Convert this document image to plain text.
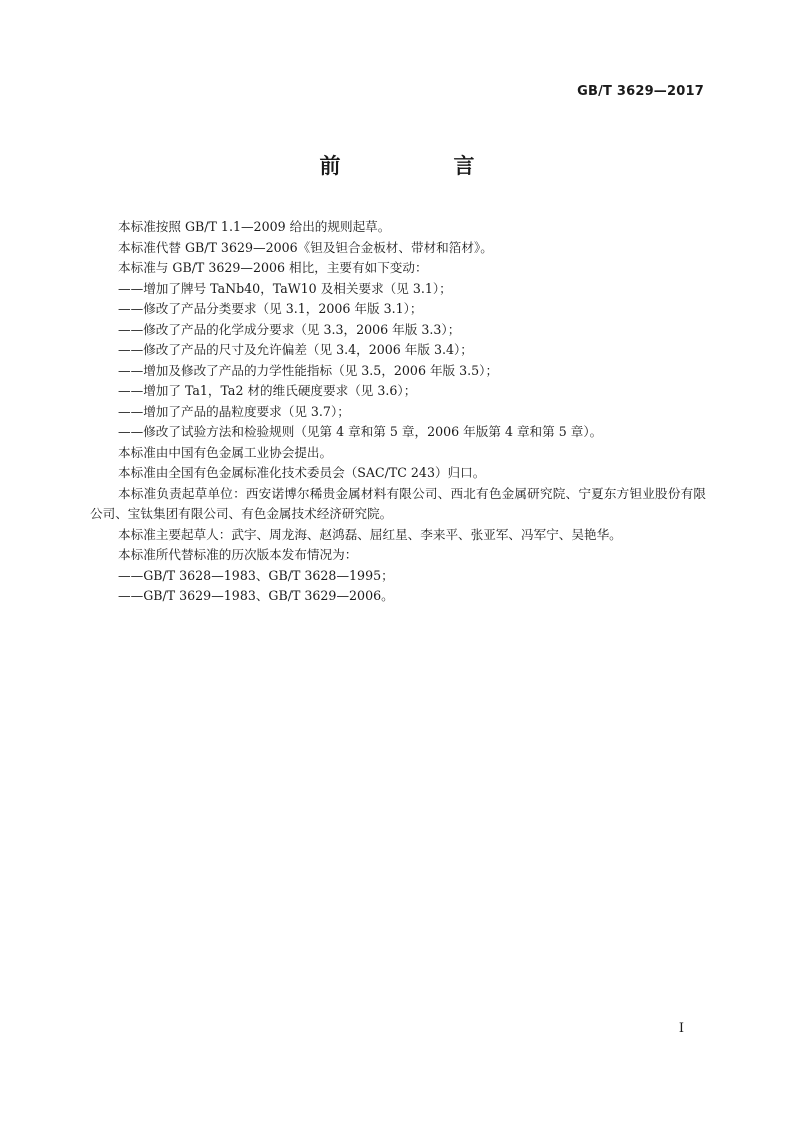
GB/T 3629—2017
前　言

本标准按照 GB/T 1.1—2009 给出的规则起草。

本标准代替 GB/T 3629—2006《钽及钽合金板材、带材和箔材》。

本标准与 GB/T 3629—2006 相比，主要有如下变动：

——增加了牌号 TaNb40，TaW10 及相关要求（见 3.1）；

——修改了产品分类要求（见 3.1，2006 年版 3.1）；

——修改了产品的化学成分要求（见 3.3，2006 年版 3.3）；

——修改了产品的尺寸及允许偏差（见 3.4，2006 年版 3.4）；

——增加及修改了产品的力学性能指标（见 3.5，2006 年版 3.5）；

——增加了 Ta1，Ta2 材的维氏硬度要求（见 3.6）；

——增加了产品的晶粒度要求（见 3.7）；

——修改了试验方法和检验规则（见第 4 章和第 5 章，2006 年版第 4 章和第 5 章）。

本标准由中国有色金属工业协会提出。

本标准由全国有色金属标准化技术委员会（SAC/TC 243）归口。

本标准负责起草单位：西安诺博尔稀贵金属材料有限公司、西北有色金属研究院、宁夏东方钽业股份有限公司、宝钛集团有限公司、有色金属技术经济研究院。

本标准主要起草人：武宇、周龙海、赵鸿磊、屈红星、李来平、张亚军、冯军宁、吴艳华。

本标准所代替标准的历次版本发布情况为：

——GB/T 3628—1983、GB/T 3628—1995；

——GB/T 3629—1983、GB/T 3629—2006。

I
